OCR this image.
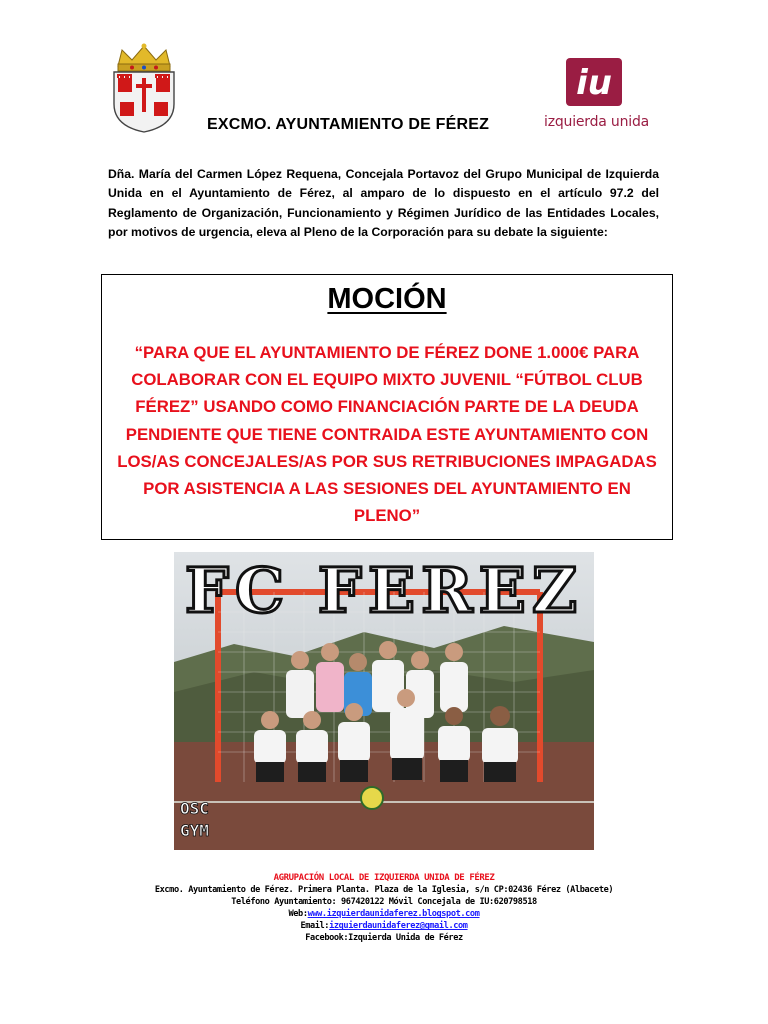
iu
izquierda unida
EXCMO. AYUNTAMIENTO DE FÉREZ
Dña. María del Carmen López Requena, Concejala Portavoz del Grupo Municipal de Izquierda Unida en el Ayuntamiento de Férez, al amparo de lo dispuesto en el artículo 97.2 del Reglamento de Organización, Funcionamiento y Régimen Jurídico de las Entidades Locales, por motivos de urgencia, eleva al Pleno de la Corporación para su debate la siguiente:
MOCIÓN
“PARA QUE EL AYUNTAMIENTO DE FÉREZ DONE 1.000€ PARA COLABORAR CON EL EQUIPO MIXTO JUVENIL “FÚTBOL CLUB FÉREZ” USANDO COMO FINANCIACIÓN PARTE DE LA DEUDA PENDIENTE QUE TIENE CONTRAIDA ESTE AYUNTAMIENTO CON LOS/AS CONCEJALES/AS POR SUS RETRIBUCIONES IMPAGADAS POR ASISTENCIA A LAS SESIONES DEL AYUNTAMIENTO EN PLENO”
FC FEREZ
OSC
GYM
AGRUPACIÓN LOCAL DE IZQUIERDA UNIDA DE FÉREZ
Excmo. Ayuntamiento de Férez. Primera Planta. Plaza de la Iglesia, s/n CP:02436 Férez (Albacete)
Teléfono Ayuntamiento: 967420122 Móvil Concejala de IU:620798518
Web:www.izquierdaunidaferez.blogspot.com
Email:izquierdaunidaferez@gmail.com
Facebook:Izquierda Unida de Férez
